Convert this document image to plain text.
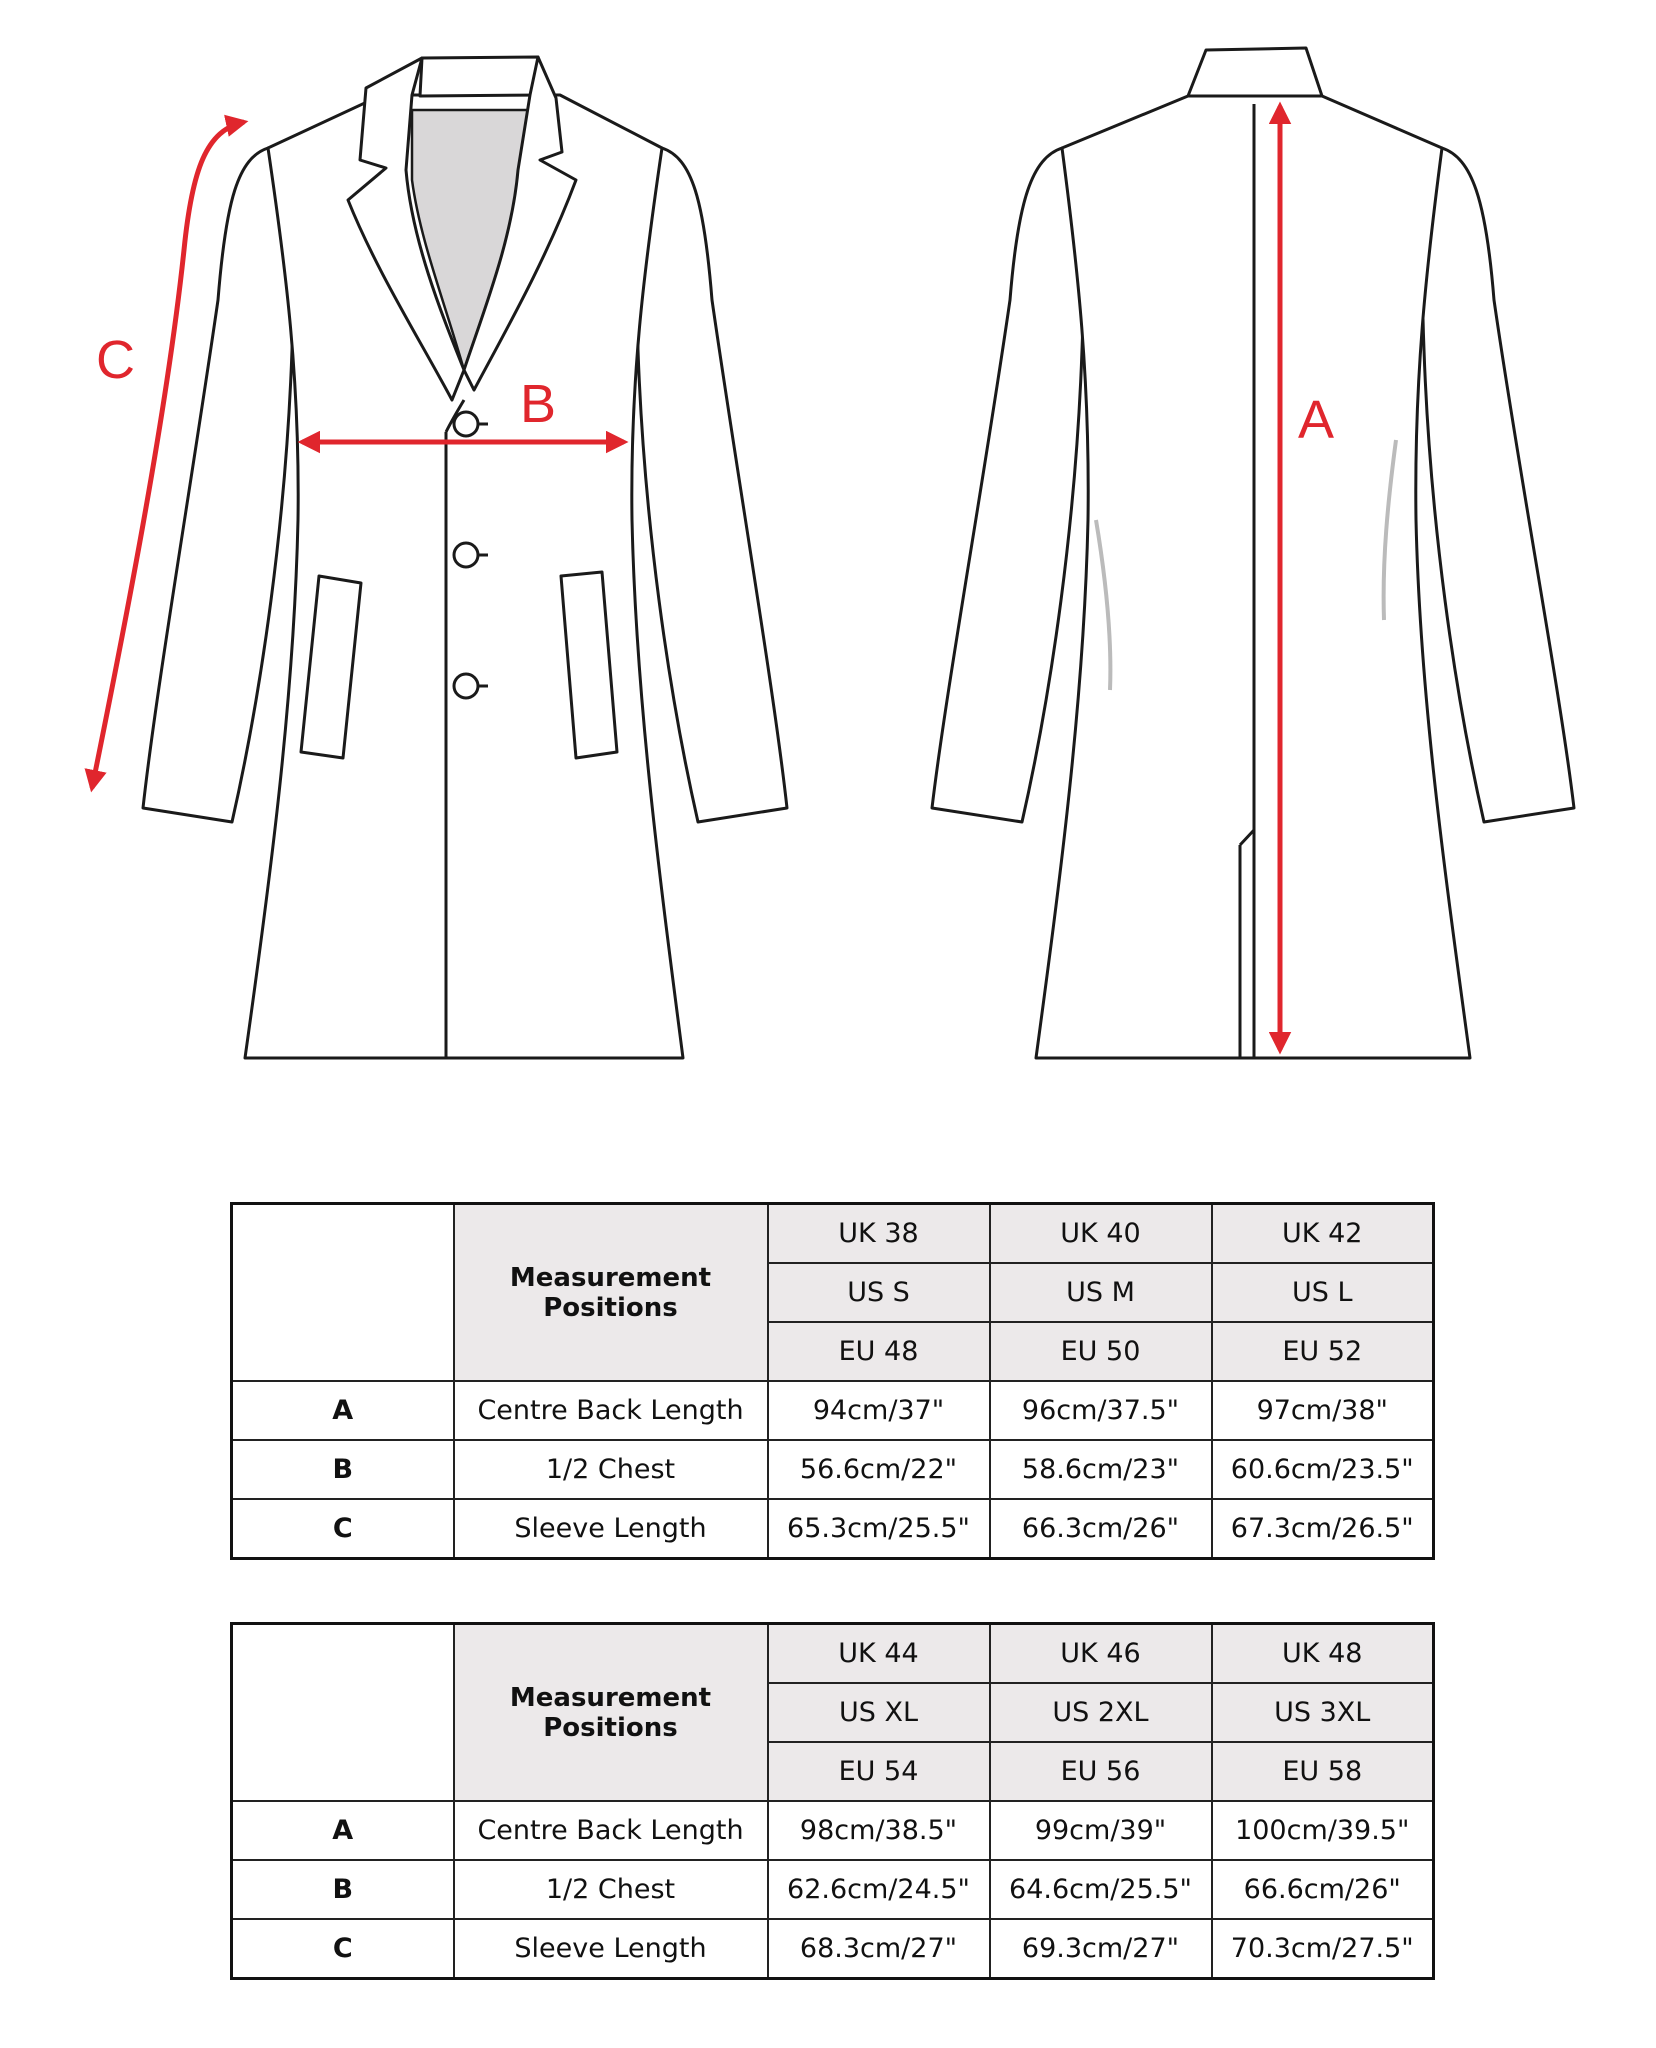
C
B	A
	Measurement Positions	UK 38	UK 40	UK 42
		US S	US M	US L
		EU 48	EU 50	EU 52
A	Centre Back Length	94cm/37"	96cm/37.5"	97cm/38"
B	1/2 Chest	56.6cm/22"	58.6cm/23"	60.6cm/23.5"
C	Sleeve Length	65.3cm/25.5"	66.3cm/26"	67.3cm/26.5"
	Measurement Positions	UK 44	UK 46	UK 48
		US XL	US 2XL	US 3XL
		EU 54	EU 56	EU 58
A	Centre Back Length	98cm/38.5"	99cm/39"	100cm/39.5"
B	1/2 Chest	62.6cm/24.5"	64.6cm/25.5"	66.6cm/26"
C	Sleeve Length	68.3cm/27"	69.3cm/27"	70.3cm/27.5"
